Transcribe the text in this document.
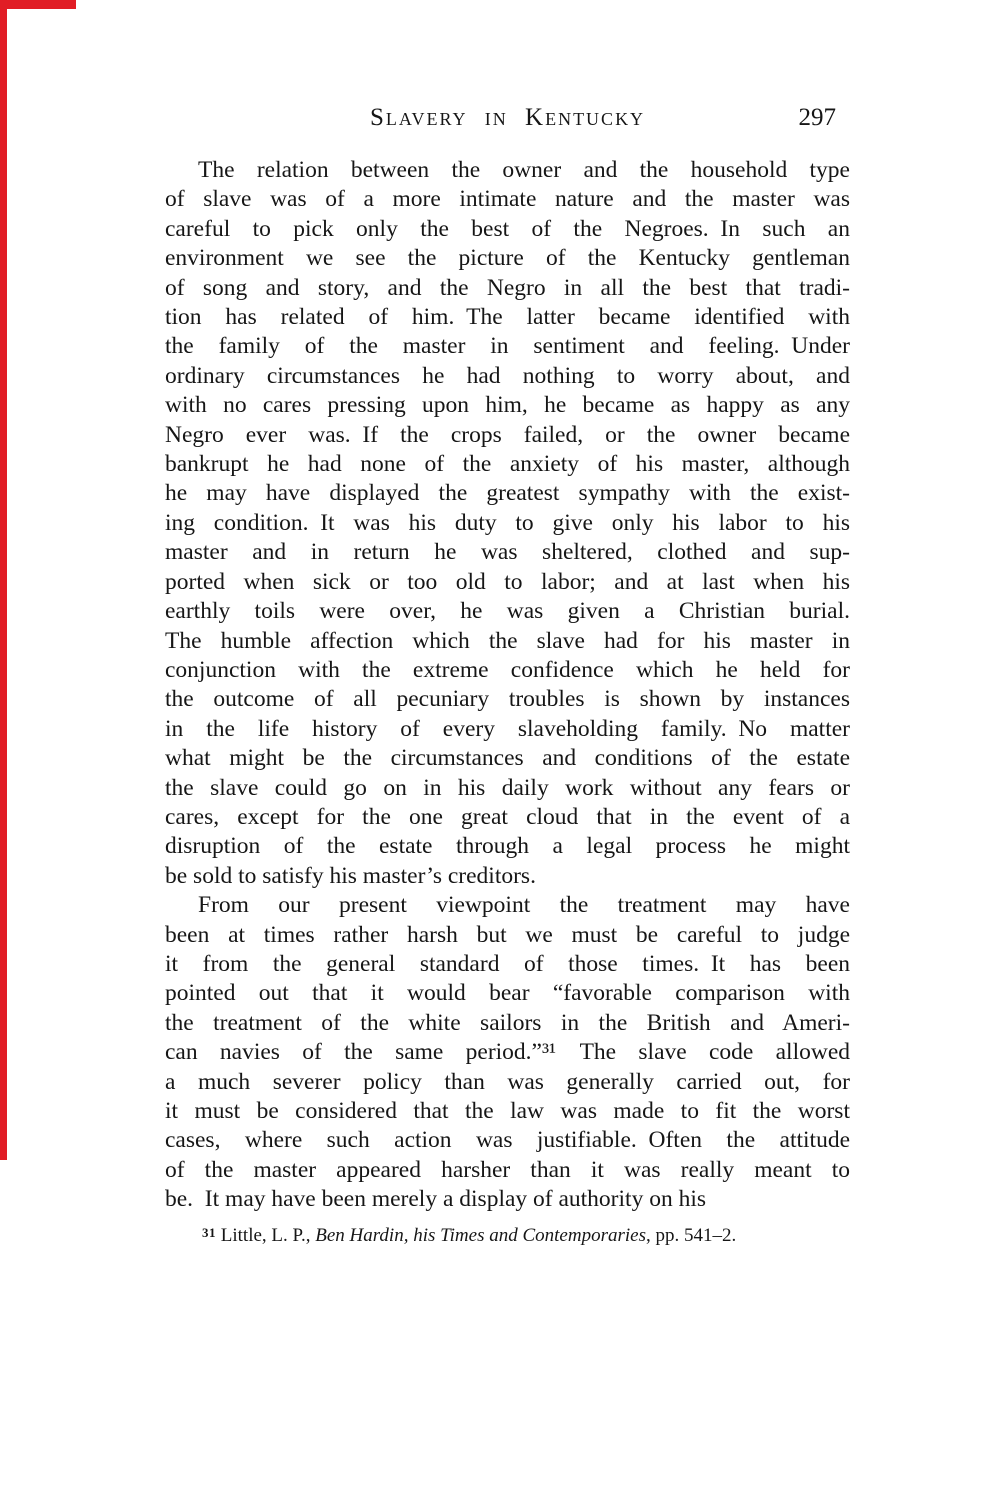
Slavery in Kentucky	297
The relation between the owner and the household type
of slave was of a more intimate nature and the master was
careful to pick only the best of the Negroes. In such an
environment we see the picture of the Kentucky gentleman
of song and story, and the Negro in all the best that tradi-
tion has related of him. The latter became identified with
the family of the master in sentiment and feeling. Under
ordinary circumstances he had nothing to worry about, and
with no cares pressing upon him, he became as happy as any
Negro ever was. If the crops failed, or the owner became
bankrupt he had none of the anxiety of his master, although
he may have displayed the greatest sympathy with the exist-
ing condition. It was his duty to give only his labor to his
master and in return he was sheltered, clothed and sup-
ported when sick or too old to labor; and at last when his
earthly toils were over, he was given a Christian burial.
The humble affection which the slave had for his master in
conjunction with the extreme confidence which he held for
the outcome of all pecuniary troubles is shown by instances
in the life history of every slaveholding family. No matter
what might be the circumstances and conditions of the estate
the slave could go on in his daily work without any fears or
cares, except for the one great cloud that in the event of a
disruption of the estate through a legal process he might
be sold to satisfy his master’s creditors.
From our present viewpoint the treatment may have
been at times rather harsh but we must be careful to judge
it from the general standard of those times. It has been
pointed out that it would bear “favorable comparison with
the treatment of the white sailors in the British and Ameri-
can navies of the same period.”³¹ The slave code allowed
a much severer policy than was generally carried out, for
it must be considered that the law was made to fit the worst
cases, where such action was justifiable. Often the attitude
of the master appeared harsher than it was really meant to
be. It may have been merely a display of authority on his
$^{31}$ Little, L. P., Ben Hardin, his Times and Contemporaries, pp. 541–2.
